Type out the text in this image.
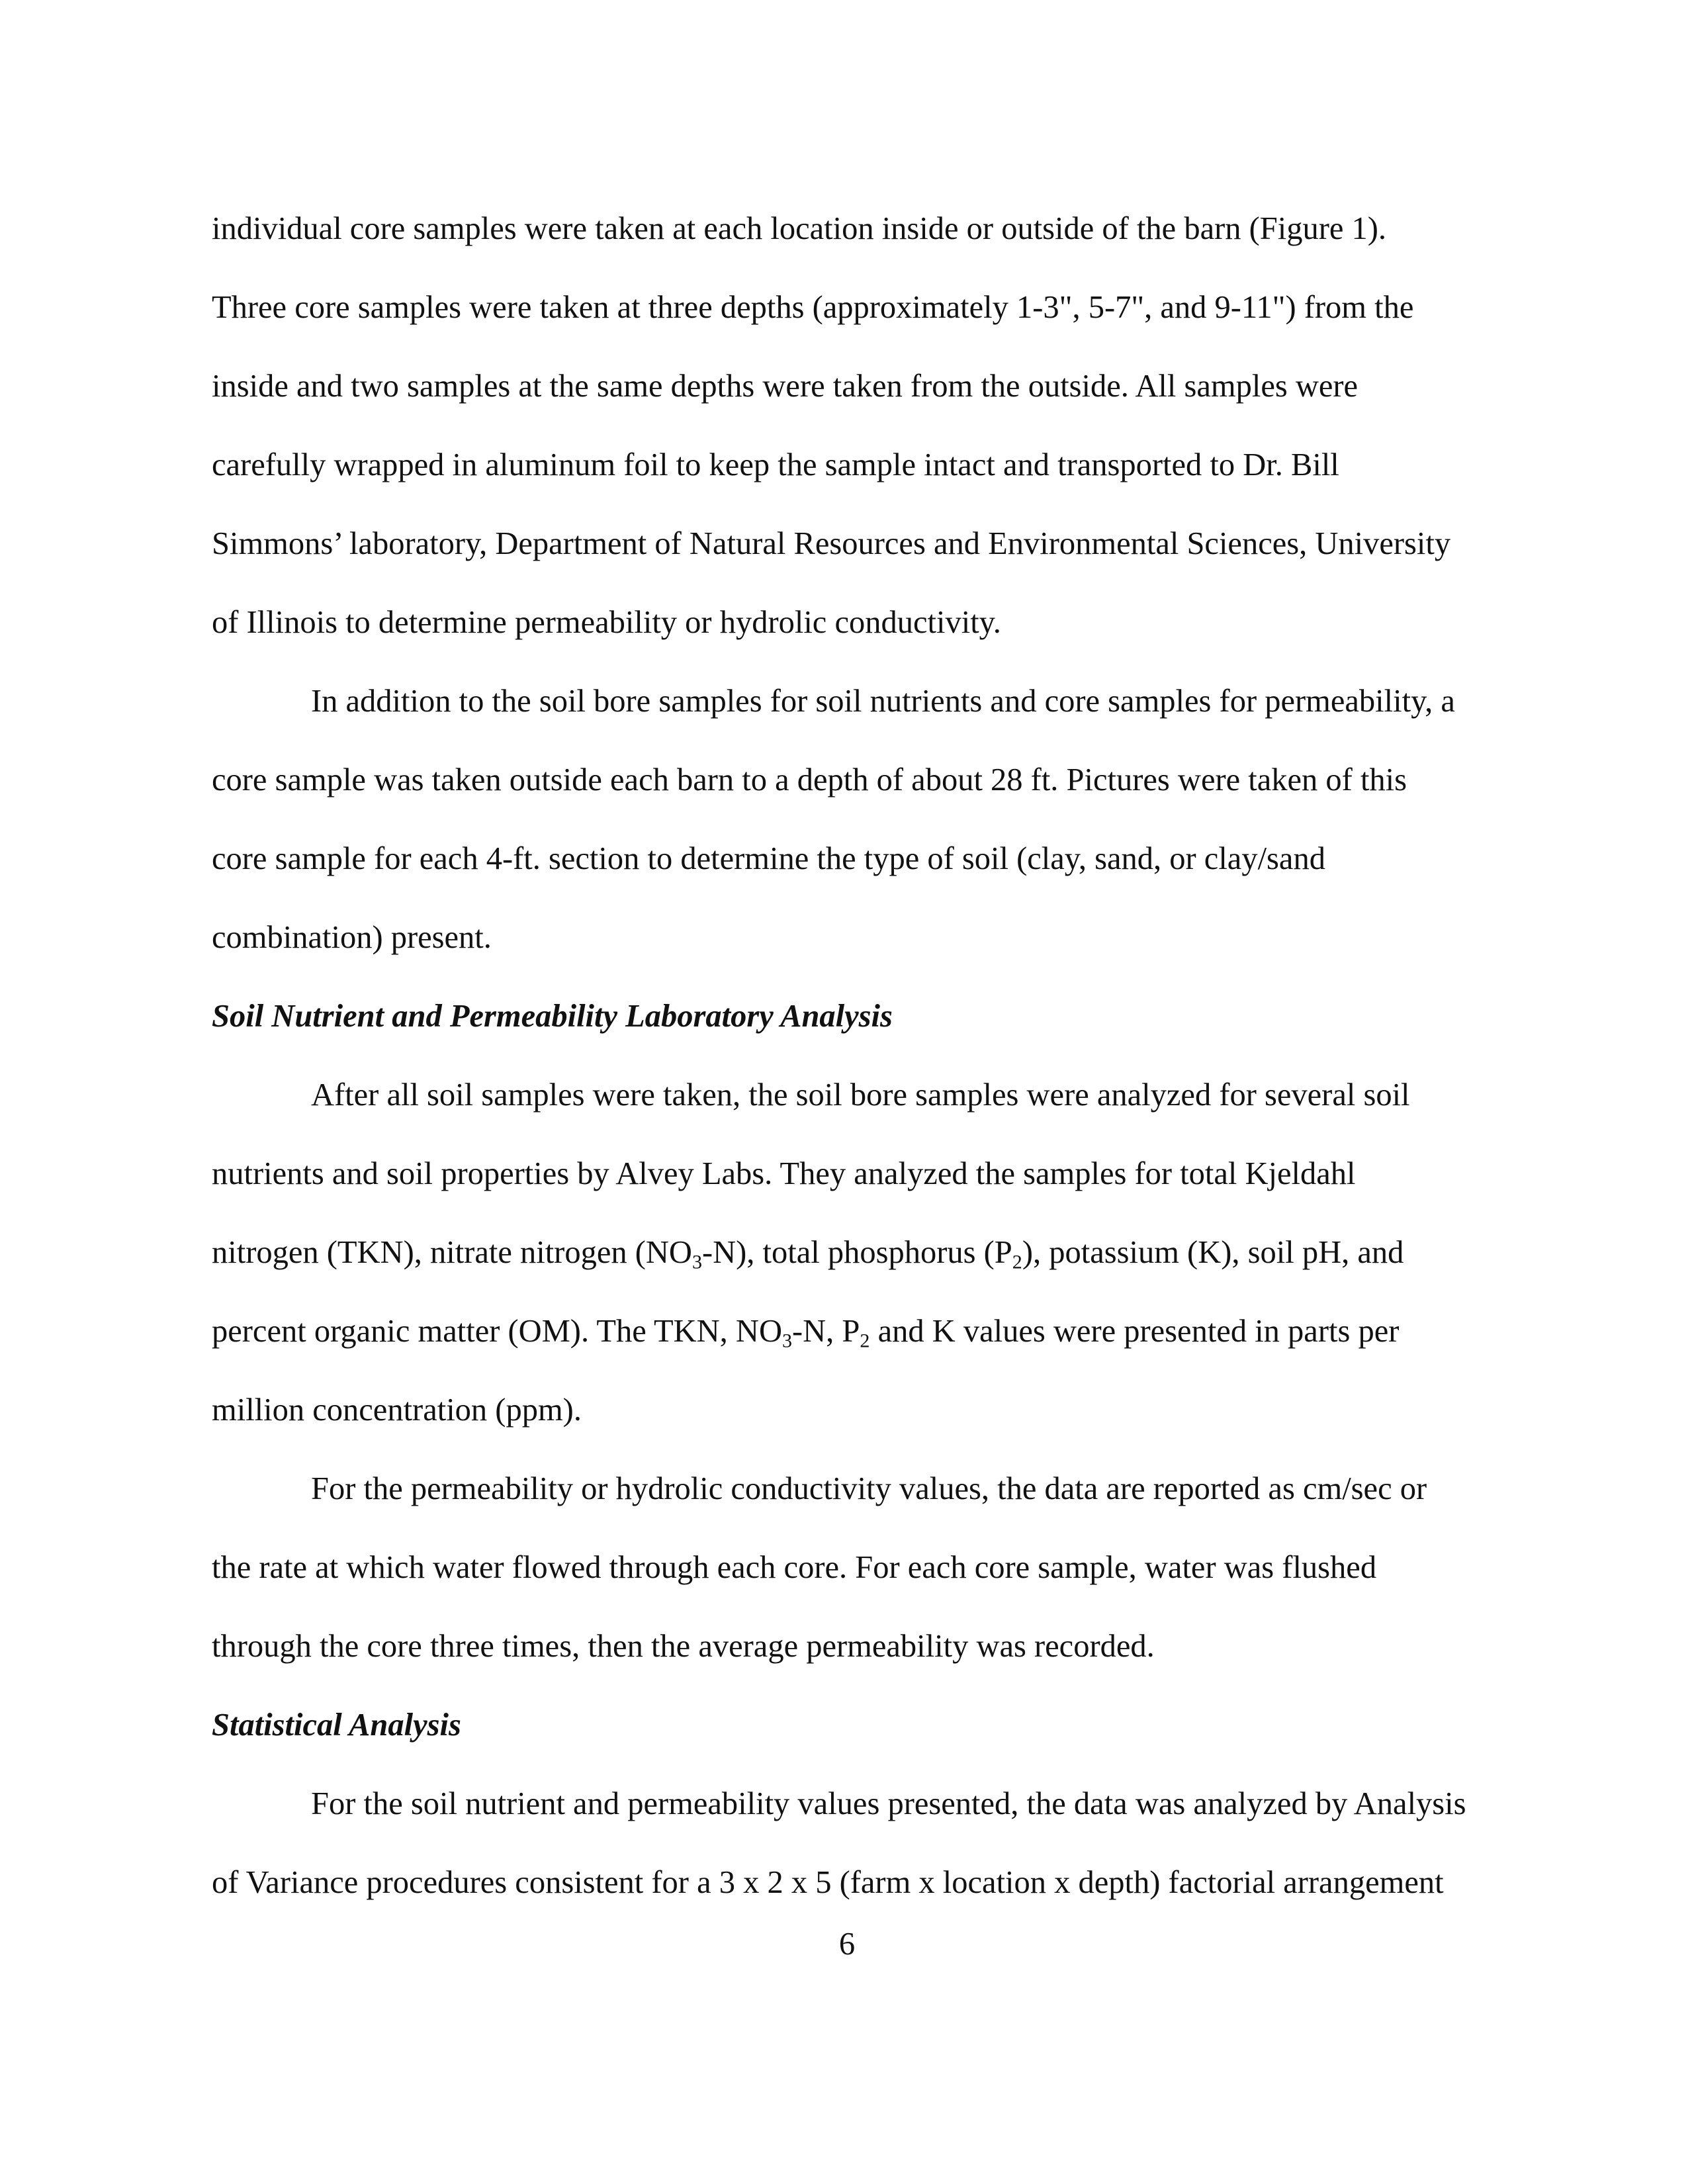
individual core samples were taken at each location inside or outside of the barn (Figure 1).
Three core samples were taken at three depths (approximately 1-3", 5-7", and 9-11") from the
inside and two samples at the same depths were taken from the outside. All samples were
carefully wrapped in aluminum foil to keep the sample intact and transported to Dr. Bill
Simmons’ laboratory, Department of Natural Resources and Environmental Sciences, University
of Illinois to determine permeability or hydrolic conductivity.
In addition to the soil bore samples for soil nutrients and core samples for permeability, a
core sample was taken outside each barn to a depth of about 28 ft. Pictures were taken of this
core sample for each 4-ft. section to determine the type of soil (clay, sand, or clay/sand
combination) present.
Soil Nutrient and Permeability Laboratory Analysis
After all soil samples were taken, the soil bore samples were analyzed for several soil
nutrients and soil properties by Alvey Labs. They analyzed the samples for total Kjeldahl
nitrogen (TKN), nitrate nitrogen $(NO_3-N)$, total phosphorus $(P_2)$, potassium (K), soil pH, and
percent organic matter (OM). The TKN, $NO_3-N$, $P_2$ and K values were presented in parts per
million concentration (ppm).
For the permeability or hydrolic conductivity values, the data are reported as cm/sec or
the rate at which water flowed through each core. For each core sample, water was flushed
through the core three times, then the average permeability was recorded.
Statistical Analysis
For the soil nutrient and permeability values presented, the data was analyzed by Analysis
of Variance procedures consistent for a 3 x 2 x 5 (farm x location x depth) factorial arrangement
6
